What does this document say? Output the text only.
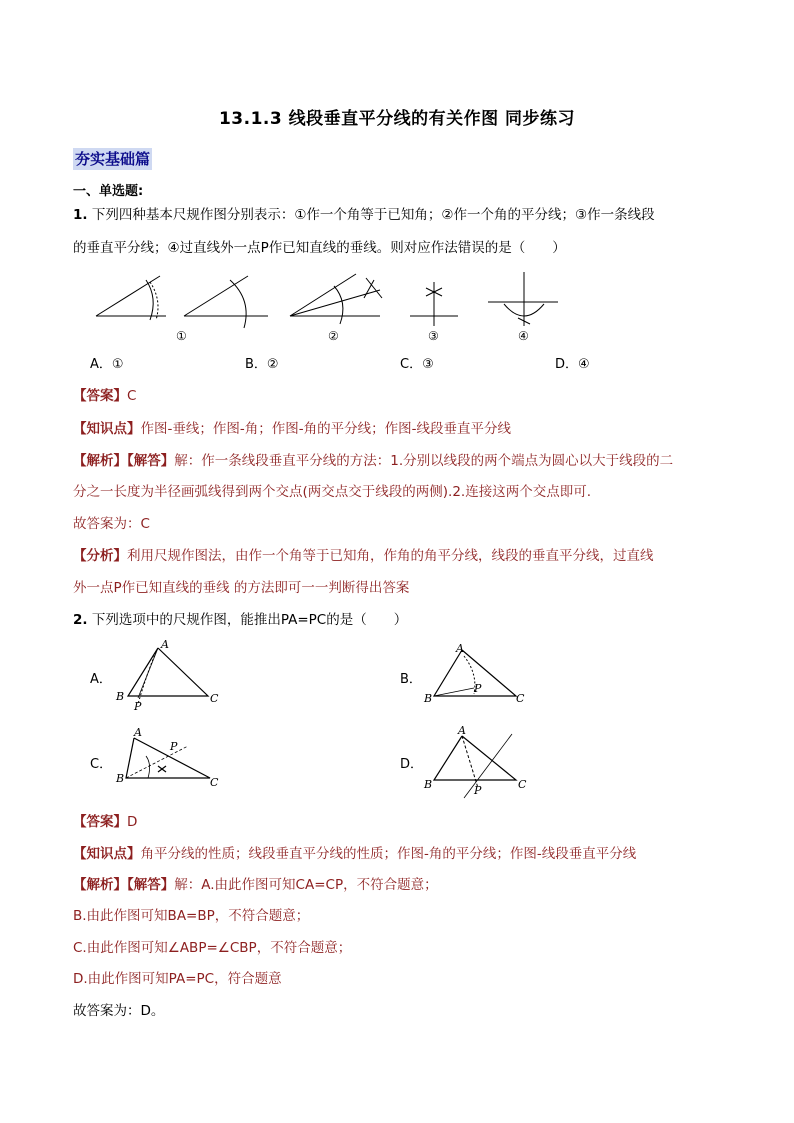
13.1.3 线段垂直平分线的有关作图 同步练习
夯实基础篇
一、单选题:
1. 下列四种基本尺规作图分别表示：①作一个角等于已知角；②作一个角的平分线；③作一条线段
的垂直平分线；④过直线外一点P作已知直线的垂线。则对应作法错误的是（　　）
①	②	③	④
A．①	B．②	C．③	D．④
【答案】C
【知识点】作图-垂线；作图-角；作图-角的平分线；作图-线段垂直平分线
【解析】【解答】解：作一条线段垂直平分线的方法：1.分别以线段的两个端点为圆心以大于线段的二
分之一长度为半径画弧线得到两个交点(两交点交于线段的两侧).2.连接这两个交点即可.
故答案为：C
【分析】利用尺规作图法，由作一个角等于已知角，作角的角平分线，线段的垂直平分线，过直线
外一点P作已知直线的垂线 的方法即可一一判断得出答案
2. 下列选项中的尺规作图，能推出PA=PC的是（　　）
A．	B．
C．	D．
A
B	C
P
A
B	C
P
A
B	C
P
A
B	C
P
【答案】D
【知识点】角平分线的性质；线段垂直平分线的性质；作图-角的平分线；作图-线段垂直平分线
【解析】【解答】解：A.由此作图可知CA=CP，不符合题意；
B.由此作图可知BA=BP，不符合题意；
C.由此作图可知∠ABP=∠CBP，不符合题意；
D.由此作图可知PA=PC，符合题意
故答案为：D。
